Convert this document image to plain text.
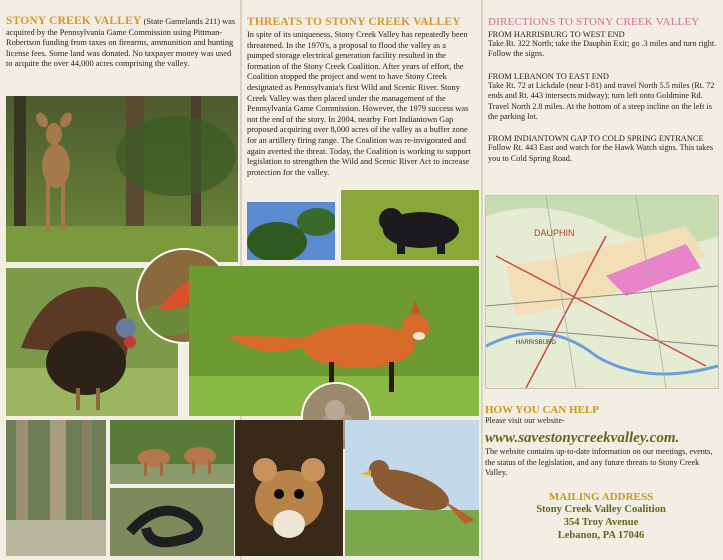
STONY CREEK VALLEY (State Gamelands 211) was acquired by the Pennsylvania Game Commission using Pittman-Robertson funding from taxes on firearms, ammunition and hunting license fees. Some land was donated. No taxpayer money was used to acquire the over 44,000 acres comprising the valley.
THREATS TO STONY CREEK VALLEY
In spite of its uniqueness, Stony Creek Valley has repeatedly been threatened. In the 1970's, a proposal to flood the valley as a pumped storage electrical generation facility resulted in the formation of the Stony Creek Coalition. After years of effort, the Coalition stopped the project and went to have Stony Creek designated as Pennsylvania's first Wild and Scenic River. Stony Creek Valley was then placed under the management of the Pennsylvania Game Commission. However, the 1979 success was not the end of the story. In 2004, nearby Fort Indiantown Gap proposed acquiring over 8,000 acres of the valley as a buffer zone for an artillery firing range. The Coalition was re-invigorated and again averted the threat. Today, the Coalition is working to support legislation to strengthen the Wild and Scenic River Act to increase protection for the valley.
DIRECTIONS TO STONY CREEK VALLEY
FROM HARRISBURG TO WEST END
Take Rt. 322 North; take the Dauphin Exit; go .3 miles and turn right. Follow the signs.
FROM LEBANON TO EAST END
Take Rt. 72 at Lickdale (near I-81) and travel North 5.5 miles (Rt. 72 ends and Rt. 443 intersects midway); turn left onto Goldmine Rd. Travel North 2.8 miles. At the bottom of a steep incline on the left is the parking lot.
FROM INDIANTOWN GAP TO COLD SPRING ENTRANCE
Follow Rt. 443 East and watch for the Hawk Watch signs. This takes you to Cold Spring Road.
DAUPHIN
HARRISBURG
HOW YOU CAN HELP
Please visit our website-
www.savestonycreekvalley.com.
The website contains up-to-date information on our meetings, events, the status of the legislation, and any future threats to Stony Creek Valley.
MAILING ADDRESS
Stony Creek Valley Coalition
354 Troy Avenue
Lebanon, PA 17046
